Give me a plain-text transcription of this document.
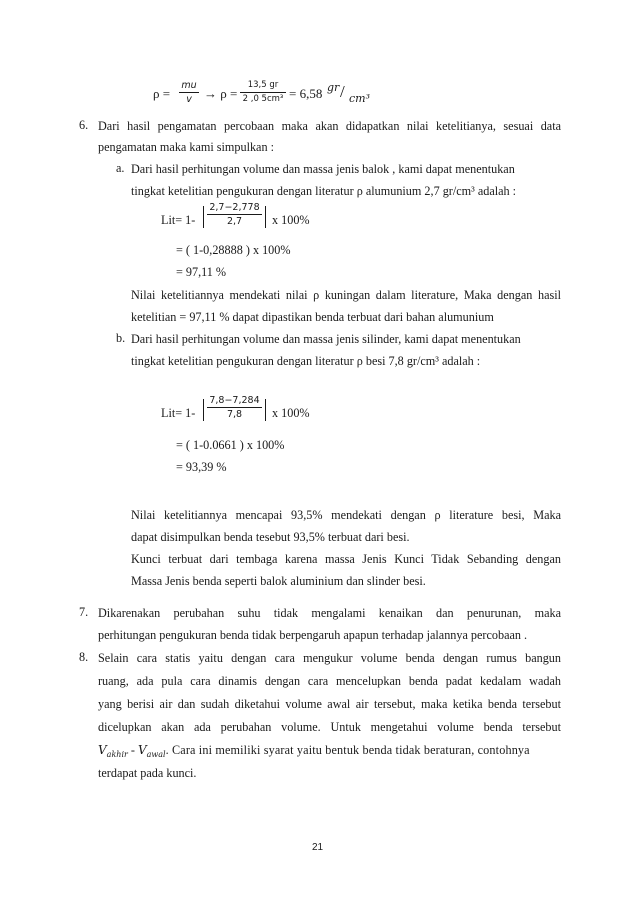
ρ =
mu
v → ρ =
13,5 gr
2 ,0 5cm³ = 6,58 gr / cm³
6. Dari hasil pengamatan percobaan maka akan didapatkan nilai ketelitianya, sesuai data
pengamatan maka kami simpulkan :
a. Dari hasil perhitungan volume dan massa jenis balok , kami dapat menentukan
tingkat ketelitian pengukuran dengan literatur ρ alumunium 2,7 gr/cm³ adalah :
Lit= 1-
2,7−2,778
2,7	x 100%
= ( 1-0,28888 ) x 100%
= 97,11 %
Nilai ketelitiannya mendekati nilai ρ kuningan dalam literature, Maka dengan hasil
ketelitian = 97,11 % dapat dipastikan benda terbuat dari bahan alumunium
b. Dari hasil perhitungan volume dan massa jenis silinder, kami dapat menentukan
tingkat ketelitian pengukuran dengan literatur ρ besi 7,8 gr/cm³ adalah :
Lit= 1-
7,8−7,284
7,8	x 100%
= ( 1-0.0661 ) x 100%
= 93,39 %
Nilai ketelitiannya mencapai 93,5% mendekati dengan ρ literature besi, Maka
dapat disimpulkan benda tesebut 93,5% terbuat dari besi.
Kunci terbuat dari tembaga karena massa Jenis Kunci Tidak Sebanding dengan
Massa Jenis benda seperti balok aluminium dan slinder besi.
7. Dikarenakan perubahan suhu tidak mengalami kenaikan dan penurunan, maka
perhitungan pengukuran benda tidak berpengaruh apapun terhadap jalannya percobaan .
8. Selain cara statis yaitu dengan cara mengukur volume benda dengan rumus bangun
ruang, ada pula cara dinamis dengan cara mencelupkan benda padat kedalam wadah
yang berisi air dan sudah diketahui volume awal air tersebut, maka ketika benda tersebut
dicelupkan akan ada perubahan volume. Untuk mengetahui volume benda tersebut
V akhir - V awal . Cara ini memiliki syarat yaitu bentuk benda tidak beraturan, contohnya
terdapat pada kunci.
21
